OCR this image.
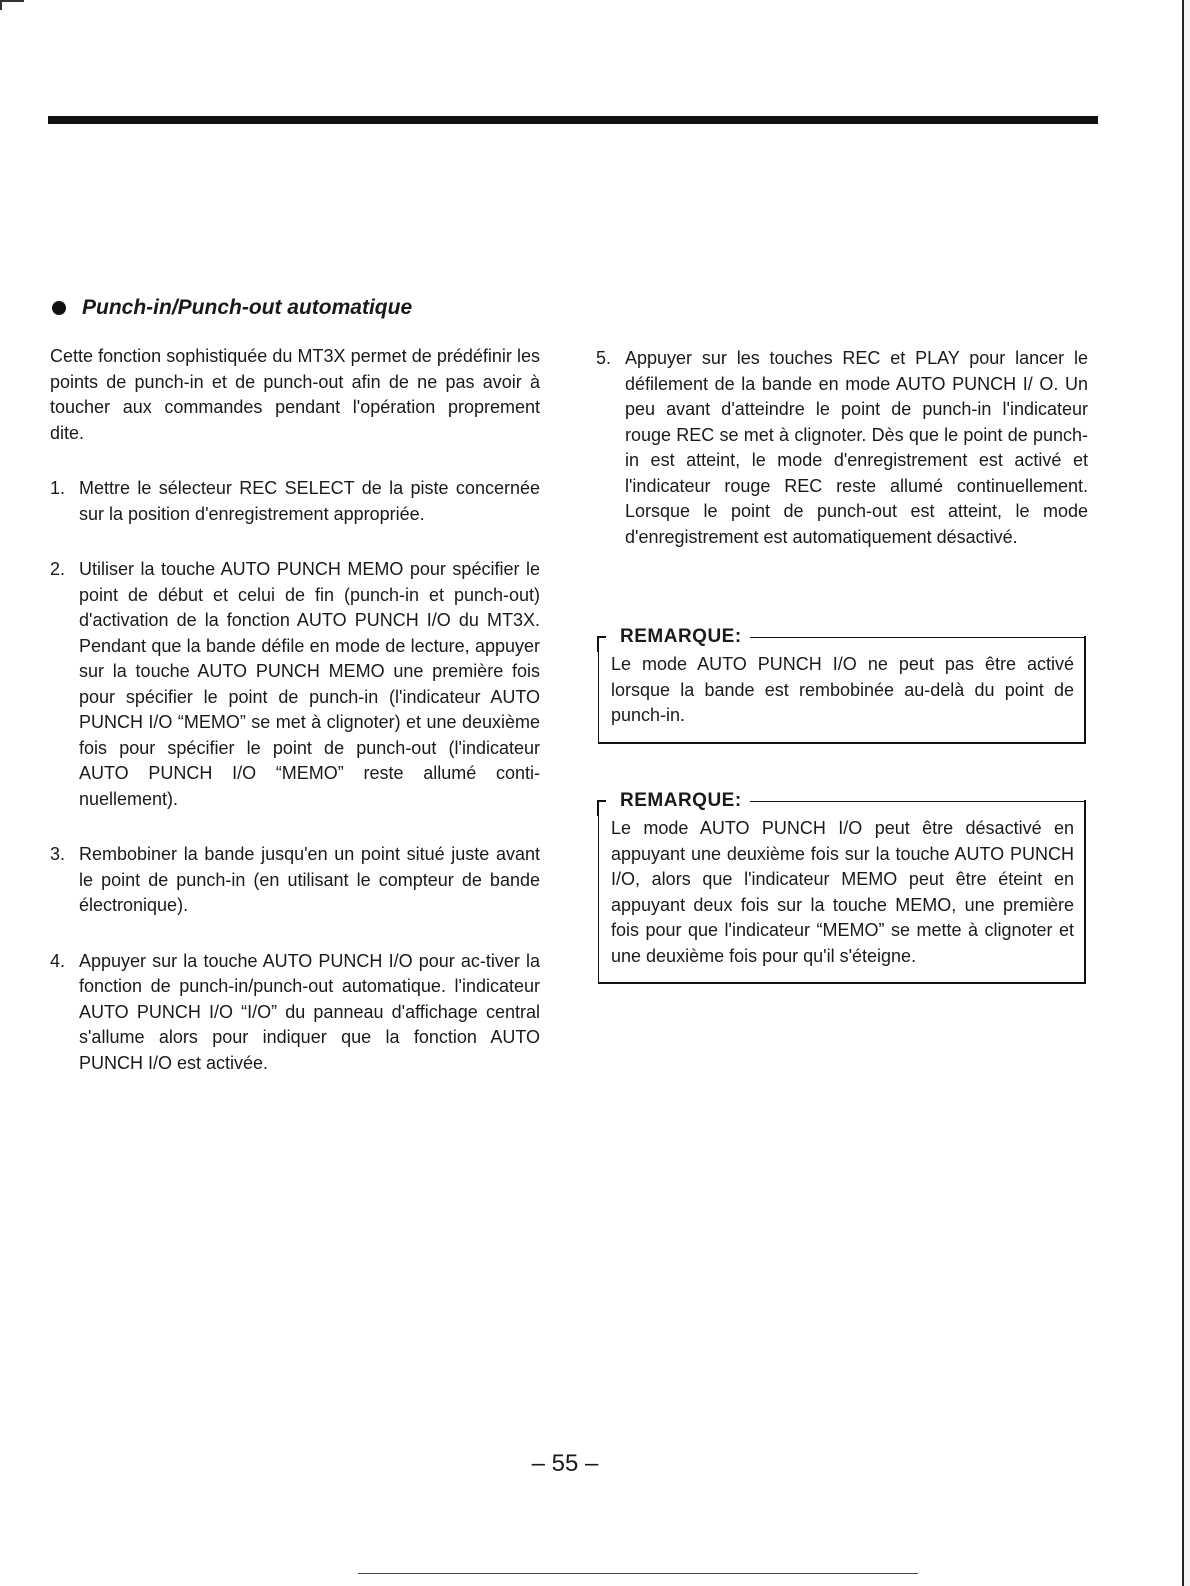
Punch-in/Punch-out automatique

Cette fonction sophistiquée du MT3X permet de prédéfinir les points de punch-in et de punch-out afin de ne pas avoir à toucher aux commandes pendant l'opération proprement dite.

1. Mettre le sélecteur REC SELECT de la piste concernée sur la position d'enregistrement appropriée.
2. Utiliser la touche AUTO PUNCH MEMO pour spécifier le point de début et celui de fin (punch-in et punch-out) d'activation de la fonction AUTO PUNCH I/O du MT3X. Pendant que la bande défile en mode de lecture, appuyer sur la touche AUTO PUNCH MEMO une première fois pour spécifier le point de punch-in (l'indicateur AUTO PUNCH I/O “MEMO” se met à clignoter) et une deuxième fois pour spécifier le point de punch-out (l'indicateur AUTO PUNCH I/O “MEMO” reste allumé conti-nuellement).
3. Rembobiner la bande jusqu'en un point situé juste avant le point de punch-in (en utilisant le compteur de bande électronique).
4. Appuyer sur la touche AUTO PUNCH I/O pour ac-tiver la fonction de punch-in/punch-out automatique. l'indicateur AUTO PUNCH I/O “I/O” du panneau d'affichage central s'allume alors pour indiquer que la fonction AUTO PUNCH I/O est activée.
5. Appuyer sur les touches REC et PLAY pour lancer le défilement de la bande en mode AUTO PUNCH I/ O. Un peu avant d'atteindre le point de punch-in l'indicateur rouge REC se met à clignoter. Dès que le point de punch-in est atteint, le mode d'enregistrement est activé et l'indicateur rouge REC reste allumé continuellement. Lorsque le point de punch-out est atteint, le mode d'enregistrement est automatiquement désactivé.
REMARQUE:
Le mode AUTO PUNCH I/O ne peut pas être activé lorsque la bande est rembobinée au-delà du point de punch-in.
REMARQUE:
Le mode AUTO PUNCH I/O peut être désactivé en appuyant une deuxième fois sur la touche AUTO PUNCH I/O, alors que l'indicateur MEMO peut être éteint en appuyant deux fois sur la touche MEMO, une première fois pour que l'indicateur “MEMO” se mette à clignoter et une deuxième fois pour qu'il s'éteigne.
– 55 –
